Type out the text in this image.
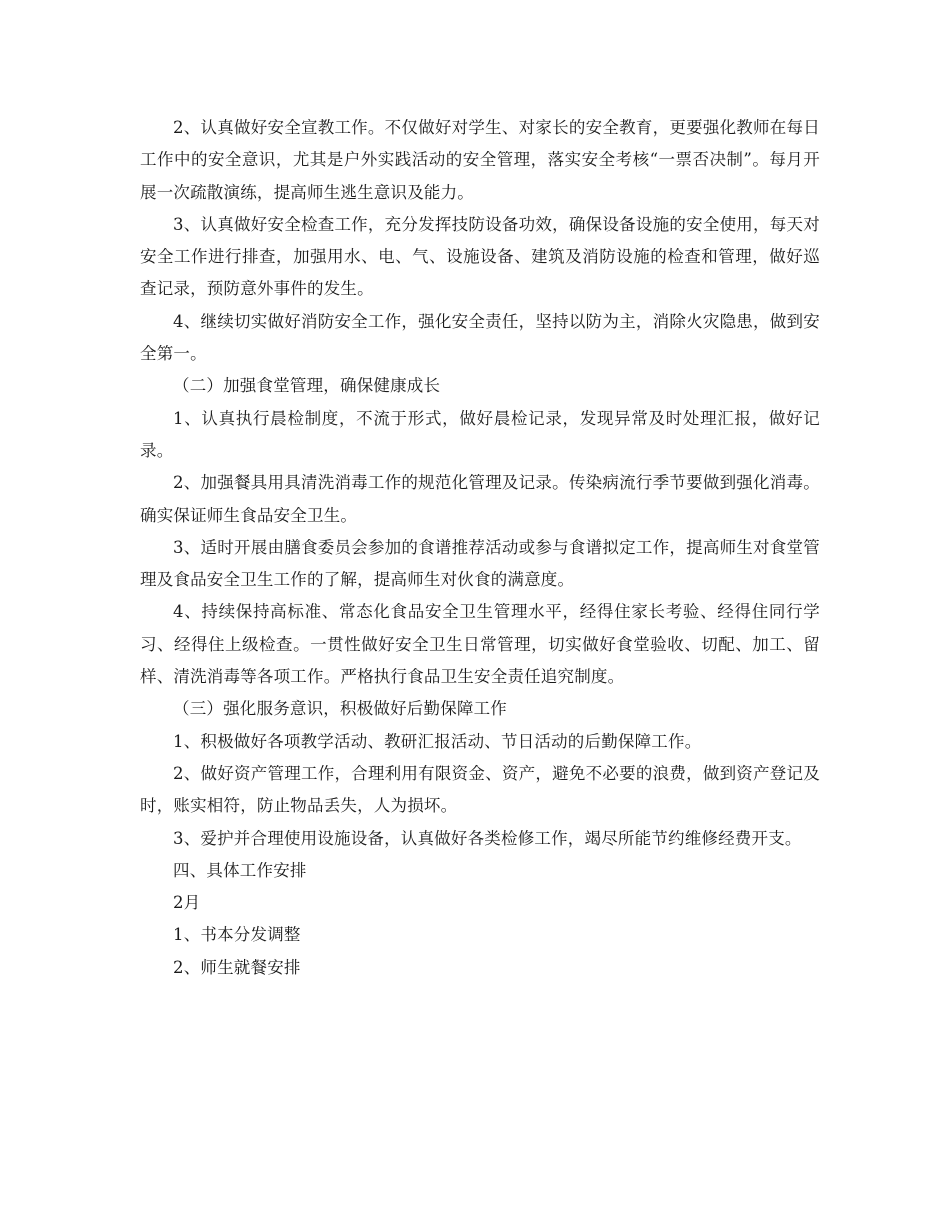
2、认真做好安全宣教工作。不仅做好对学生、对家长的安全教育，更要强化教师在每日工作中的安全意识，尤其是户外实践活动的安全管理，落实安全考核“一票否决制”。每月开展一次疏散演练，提高师生逃生意识及能力。

3、认真做好安全检查工作，充分发挥技防设备功效，确保设备设施的安全使用，每天对安全工作进行排查，加强用水、电、气、设施设备、建筑及消防设施的检查和管理，做好巡查记录，预防意外事件的发生。

4、继续切实做好消防安全工作，强化安全责任，坚持以防为主，消除火灾隐患，做到安全第一。

（二）加强食堂管理，确保健康成长

1、认真执行晨检制度，不流于形式，做好晨检记录，发现异常及时处理汇报，做好记录。

2、加强餐具用具清洗消毒工作的规范化管理及记录。传染病流行季节要做到强化消毒。确实保证师生食品安全卫生。

3、适时开展由膳食委员会参加的食谱推荐活动或参与食谱拟定工作，提高师生对食堂管理及食品安全卫生工作的了解，提高师生对伙食的满意度。

4、持续保持高标准、常态化食品安全卫生管理水平，经得住家长考验、经得住同行学习、经得住上级检查。一贯性做好安全卫生日常管理，切实做好食堂验收、切配、加工、留样、清洗消毒等各项工作。严格执行食品卫生安全责任追究制度。

（三）强化服务意识，积极做好后勤保障工作

1、积极做好各项教学活动、教研汇报活动、节日活动的后勤保障工作。

2、做好资产管理工作，合理利用有限资金、资产，避免不必要的浪费，做到资产登记及时，账实相符，防止物品丢失，人为损坏。

3、爱护并合理使用设施设备，认真做好各类检修工作，竭尽所能节约维修经费开支。

四、具体工作安排

2月

1、书本分发调整

2、师生就餐安排
